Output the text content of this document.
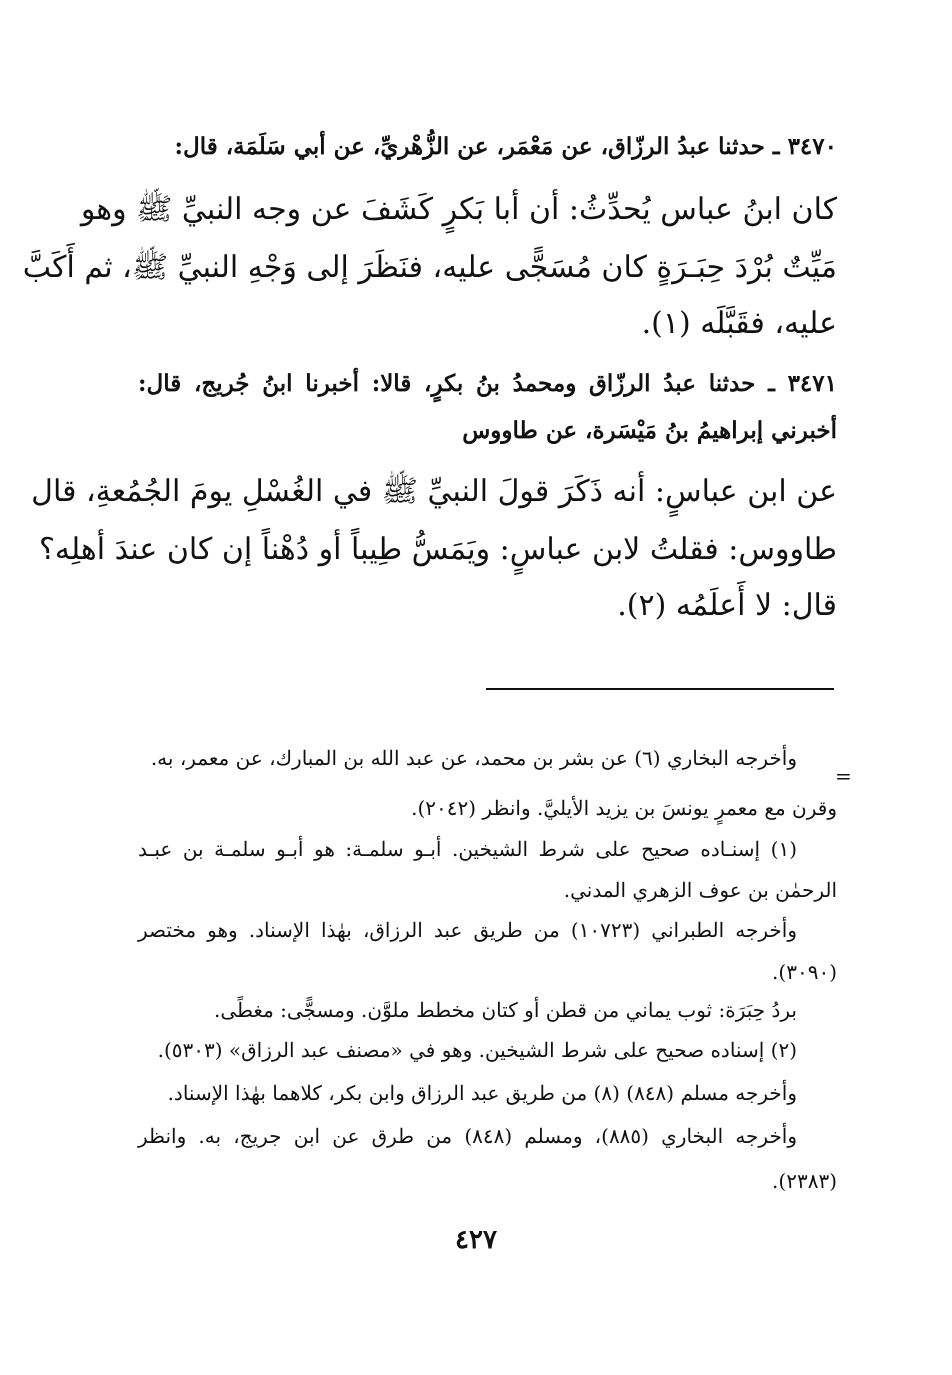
٣٤٧٠ ـ حدثنا عبدُ الرزّاق، عن مَعْمَر، عن الزُّهْريِّ، عن أبي سَلَمَة، قال:
كان ابنُ عباس يُحدِّثُ: أن أبا بَكرٍ كَشَفَ عن وجه النبيِّ ﷺ وهو
مَيِّتٌ بُرْدَ حِبَـرَةٍ كان مُسَجًّى عليه، فنَظَرَ إلى وَجْهِ النبيِّ ﷺ، ثم أَكَبَّ
عليه، فقَبَّلَه (١).
٣٤٧١ ـ حدثنا عبدُ الرزّاق ومحمدُ بنُ بكرٍ، قالا: أخبرنا ابنُ جُريج، قال:
أخبرني إبراهيمُ بنُ مَيْسَرة، عن طاووس
عن ابن عباسٍ: أنه ذَكَرَ قولَ النبيِّ ﷺ في الغُسْلِ يومَ الجُمُعةِ، قال
طاووس: فقلتُ لابن عباسٍ: ويَمَسُّ طِيباً أو دُهْناً إن كان عندَ أهلِه؟
قال: لا أَعلَمُه (٢).
=
وأخرجه البخاري (٦) عن بشر بن محمد، عن عبد الله بن المبارك، عن معمر، به.
وقرن مع معمرٍ يونسَ بن يزيد الأيليَّ. وانظر (٢٠٤٢).
(١) إسنـاده صحيح على شرط الشيخين. أبـو سلمـة: هو أبـو سلمـة بن عبـد
الرحمٰن بن عوف الزهري المدني.
وأخرجه الطبراني (١٠٧٢٣) من طريق عبد الرزاق، بهٰذا الإسناد. وهو مختصر
(٣٠٩٠).
بردُ حِبَرَة: ثوب يماني من قطن أو كتان مخطط ملوَّن. ومسجًّى: مغطًى.
(٢) إسناده صحيح على شرط الشيخين. وهو في «مصنف عبد الرزاق» (٥٣٠٣).
وأخرجه مسلم (٨٤٨) (٨) من طريق عبد الرزاق وابن بكر، كلاهما بهٰذا الإسناد.
وأخرجه البخاري (٨٨٥)، ومسلم (٨٤٨) من طرق عن ابن جريج، به. وانظر
(٢٣٨٣).
٤٢٧
